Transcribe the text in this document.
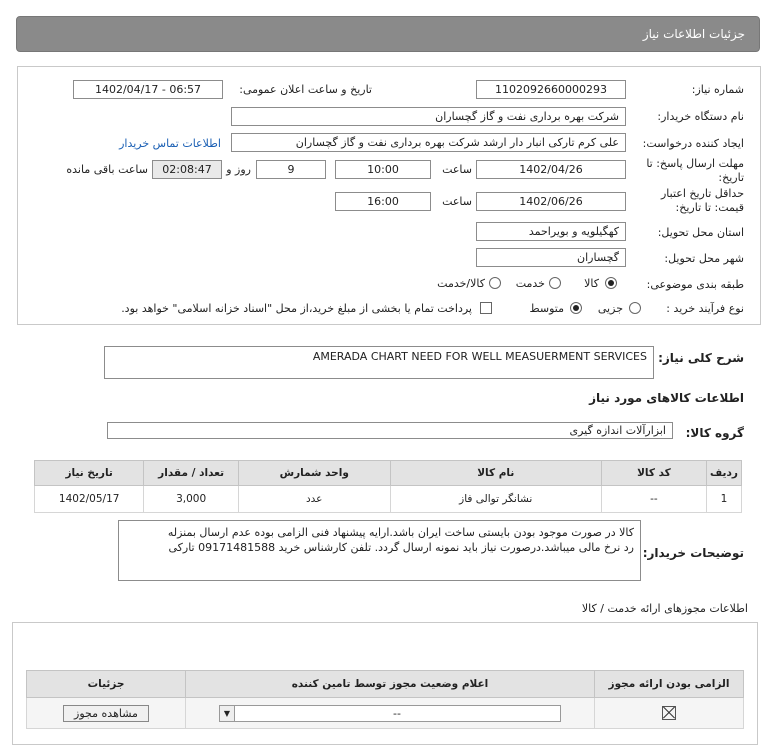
جزئیات اطلاعات نیاز
شماره نیاز:
1102092660000293
تاریخ و ساعت اعلان عمومی:
1402/04/17 - 06:57
نام دستگاه خریدار:
شرکت بهره برداری نفت و گاز گچساران
ایجاد کننده درخواست:
علی کرم تارکی انبار دار ارشد شرکت بهره برداری نفت و گاز گچساران
اطلاعات تماس خریدار
مهلت ارسال پاسخ: تا
تاریخ:
1402/04/26
ساعت
10:00
9
روز و
02:08:47
ساعت باقی مانده
حداقل تاریخ اعتبار
قیمت: تا تاریخ:
1402/06/26
ساعت
16:00
استان محل تحویل:
کهگیلویه و بویراحمد
شهر محل تحویل:
گچساران
طبقه بندی موضوعی:
کالا
خدمت
کالا/خدمت
نوع فرآیند خرید :
جزیی
متوسط
پرداخت تمام یا بخشی از مبلغ خرید،از محل "اسناد خزانه اسلامی" خواهد بود.
شرح کلی نیاز:
AMERADA CHART NEED FOR WELL MEASUERMENT SERVICES
اطلاعات کالاهای مورد نیاز
گروه کالا:
ابزارآلات اندازه گیری
ردیف	کد کالا	نام کالا	واحد شمارش	تعداد / مقدار	تاریخ نیاز
1	--	نشانگر توالی فاز	عدد	3,000	1402/05/17
توضیحات خریدار:
کالا در صورت موجود بودن بایستی ساخت ایران باشد.ارایه پیشنهاد فنی الزامی بوده عدم ارسال بمنزله
رد نرخ مالی میباشد.درصورت نیاز باید نمونه ارسال گردد. تلفن کارشناس خرید 09171481588 تارکی
اطلاعات مجوزهای ارائه خدمت / کالا
الزامی بودن ارائه مجوز	اعلام وضعیت مجوز توسط تامین کننده	جزئیات

	▼ --	مشاهده مجوز
